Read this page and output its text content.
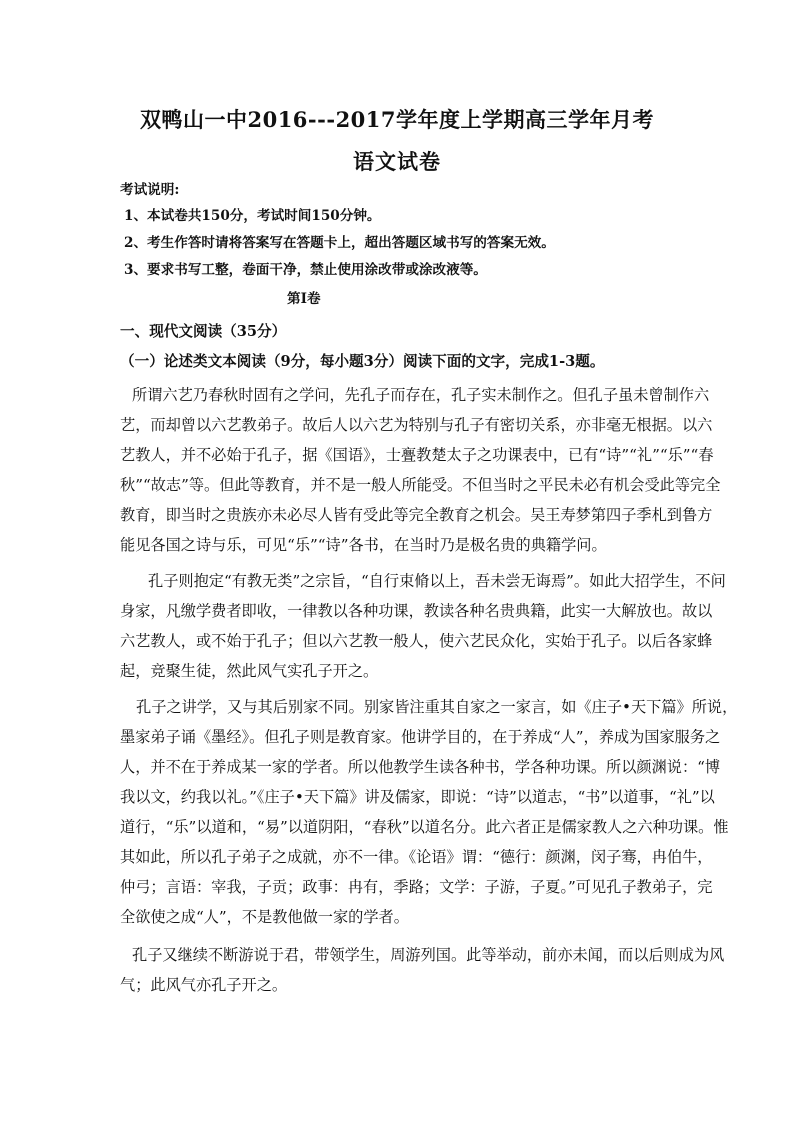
双鸭山一中2016---2017学年度上学期高三学年月考
语文试卷
考试说明:
1、本试卷共150分，考试时间150分钟。
2、考生作答时请将答案写在答题卡上，超出答题区域书写的答案无效。
3、要求书写工整，卷面干净，禁止使用涂改带或涂改液等。
第Ⅰ卷
一、现代文阅读（35分）
（一）论述类文本阅读（9分，每小题3分）阅读下面的文字，完成1-3题。
所谓六艺乃春秋时固有之学问，先孔子而存在，孔子实未制作之。但孔子虽未曾制作六
艺，而却曾以六艺教弟子。故后人以六艺为特别与孔子有密切关系，亦非毫无根据。以六
艺教人，并不必始于孔子，据《国语》，士亹教楚太子之功课表中，已有“诗”“礼”“乐”“春
秋”“故志”等。但此等教育，并不是一般人所能受。不但当时之平民未必有机会受此等完全
教育，即当时之贵族亦未必尽人皆有受此等完全教育之机会。吴王寿梦第四子季札到鲁方
能见各国之诗与乐，可见“乐”“诗”各书，在当时乃是极名贵的典籍学问。
孔子则抱定“有教无类”之宗旨，“自行束脩以上，吾未尝无诲焉”。如此大招学生，不问
身家，凡缴学费者即收，一律教以各种功课，教读各种名贵典籍，此实一大解放也。故以
六艺教人，或不始于孔子；但以六艺教一般人，使六艺民众化，实始于孔子。以后各家蜂
起，竞聚生徒，然此风气实孔子开之。
孔子之讲学，又与其后别家不同。别家皆注重其自家之一家言，如《庄子•天下篇》所说，
墨家弟子诵《墨经》。但孔子则是教育家。他讲学目的，在于养成“人”，养成为国家服务之
人，并不在于养成某一家的学者。所以他教学生读各种书，学各种功课。所以颜渊说：“博
我以文，约我以礼。”《庄子•天下篇》讲及儒家，即说：“诗”以道志，“书”以道事，“礼”以
道行，“乐”以道和，“易”以道阴阳，“春秋”以道名分。此六者正是儒家教人之六种功课。惟
其如此，所以孔子弟子之成就，亦不一律。《论语》谓：“德行：颜渊，闵子骞，冉伯牛，
仲弓；言语：宰我，子贡；政事：冉有，季路；文学：子游，子夏。”可见孔子教弟子，完
全欲使之成“人”，不是教他做一家的学者。
孔子又继续不断游说于君，带领学生，周游列国。此等举动，前亦未闻，而以后则成为风
气；此风气亦孔子开之。
